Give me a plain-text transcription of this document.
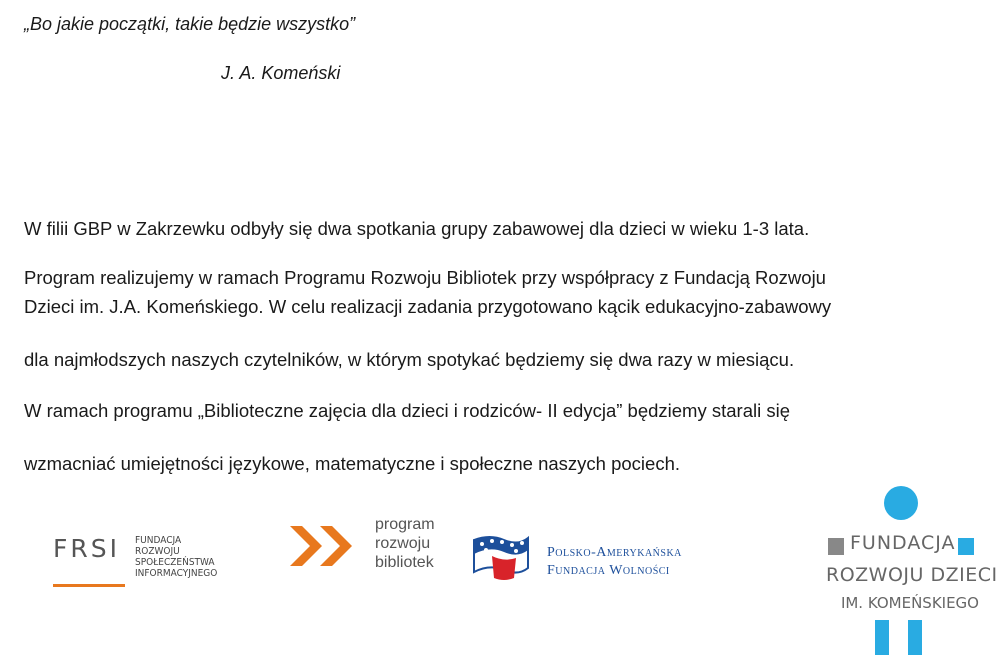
„Bo jakie początki, takie będzie wszystko”
J. A. Komeński
W filii GBP w Zakrzewku odbyły się dwa spotkania grupy zabawowej dla dzieci w wieku 1-3 lata.
Program realizujemy w ramach Programu Rozwoju Bibliotek przy współpracy z Fundacją Rozwoju
Dzieci im. J.A. Komeńskiego. W celu realizacji zadania przygotowano kącik edukacyjno-zabawowy
dla najmłodszych naszych czytelników, w którym spotykać będziemy się dwa razy w miesiącu.
W ramach programu „Biblioteczne zajęcia dla dzieci i rodziców- II edycja” będziemy starali się
wzmacniać umiejętności językowe, matematyczne i społeczne naszych pociech.
FRSI FUNDACJA
ROZWOJU
SPOŁECZEŃSTWA
INFORMACYJNEGO
program
rozwoju
bibliotek
Polsko-Amerykańska
Fundacja Wolności
FUNDACJA
ROZWOJU DZIECI
IM. KOMEŃSKIEGO
